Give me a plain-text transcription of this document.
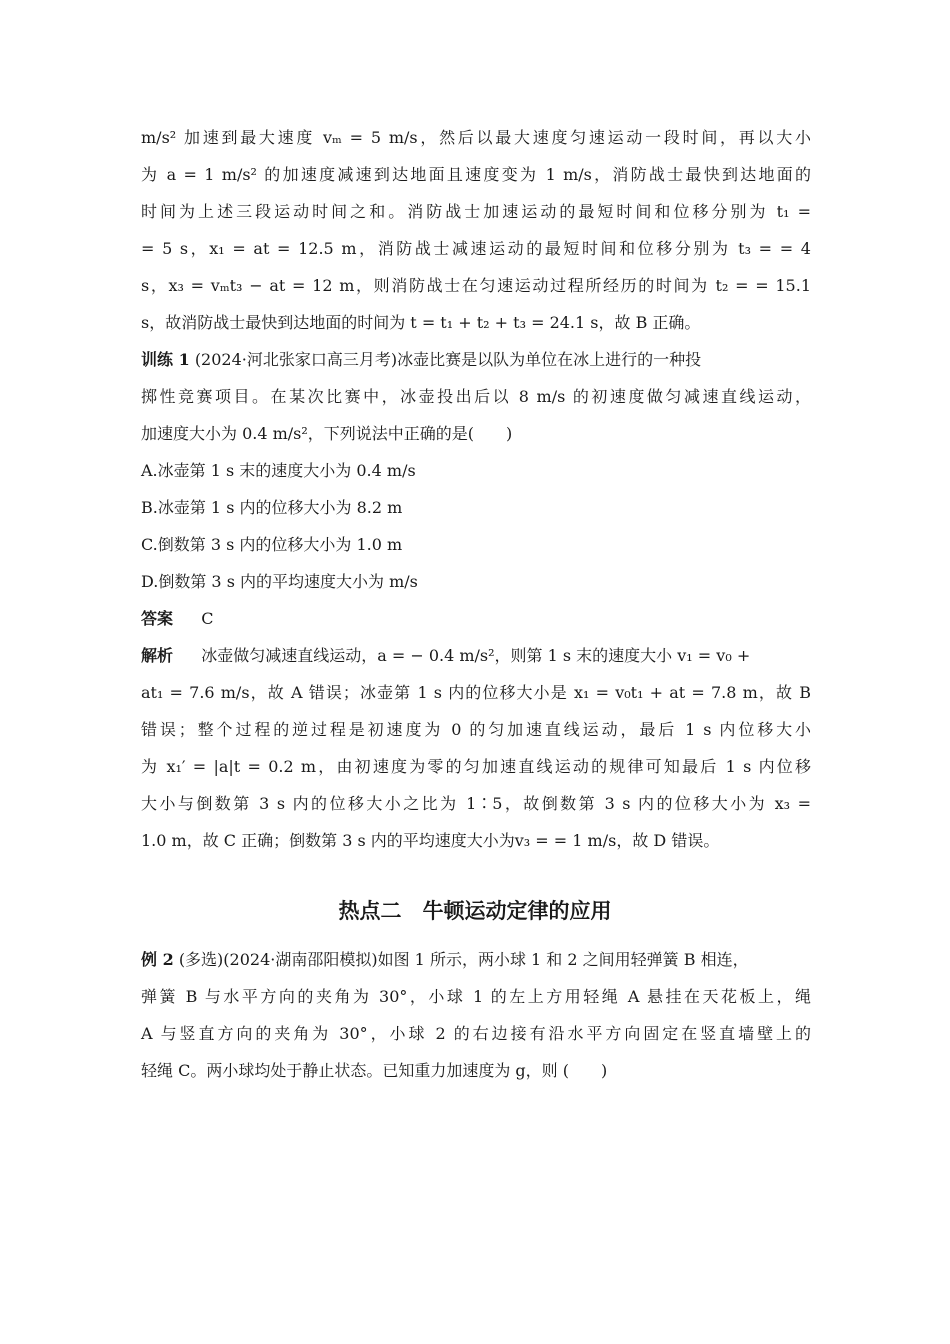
m/s² 加速到最大速度 vₘ = 5 m/s，然后以最大速度匀速运动一段时间，再以大小
为 a = 1 m/s² 的加速度减速到达地面且速度变为 1 m/s，消防战士最快到达地面的
时间为上述三段运动时间之和。消防战士加速运动的最短时间和位移分别为 t₁ =
= 5 s，x₁ = at = 12.5 m，消防战士减速运动的最短时间和位移分别为 t₃ = = 4
s，x₃ = vₘt₃ − at = 12 m，则消防战士在匀速运动过程所经历的时间为 t₂ = = 15.1
s，故消防战士最快到达地面的时间为 t = t₁ + t₂ + t₃ = 24.1 s，故 B 正确。
训练 1 (2024·河北张家口高三月考)冰壶比赛是以队为单位在冰上进行的一种投
掷性竞赛项目。在某次比赛中，冰壶投出后以 8 m/s 的初速度做匀减速直线运动，
加速度大小为 0.4 m/s²，下列说法中正确的是(　　)
A.冰壶第 1 s 末的速度大小为 0.4 m/s
B.冰壶第 1 s 内的位移大小为 8.2 m
C.倒数第 3 s 内的位移大小为 1.0 m
D.倒数第 3 s 内的平均速度大小为 m/s
答案 C
解析 冰壶做匀减速直线运动，a = − 0.4 m/s²，则第 1 s 末的速度大小 v₁ = v₀ +
at₁ = 7.6 m/s，故 A 错误；冰壶第 1 s 内的位移大小是 x₁ = v₀t₁ + at = 7.8 m，故 B
错误；整个过程的逆过程是初速度为 0 的匀加速直线运动，最后 1 s 内位移大小
为 x₁′ = |a|t = 0.2 m，由初速度为零的匀加速直线运动的规律可知最后 1 s 内位移
大小与倒数第 3 s 内的位移大小之比为 1∶5，故倒数第 3 s 内的位移大小为 x₃ =
1.0 m，故 C 正确；倒数第 3 s 内的平均速度大小为v₃ = = 1 m/s，故 D 错误。
热点二　牛顿运动定律的应用
例 2 (多选)(2024·湖南邵阳模拟)如图 1 所示，两小球 1 和 2 之间用轻弹簧 B 相连，
弹簧 B 与水平方向的夹角为 30°，小球 1 的左上方用轻绳 A 悬挂在天花板上，绳
A 与竖直方向的夹角为 30°，小球 2 的右边接有沿水平方向固定在竖直墙壁上的
轻绳 C。两小球均处于静止状态。已知重力加速度为 g，则 (　　)
